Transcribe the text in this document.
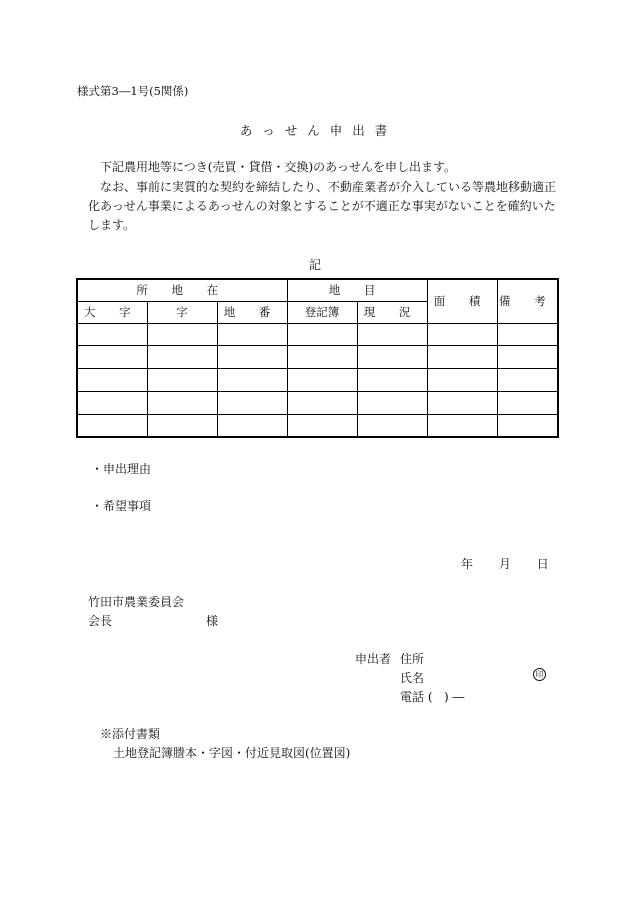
様式第3―1号(5関係)
あ っ せ ん 申 出 書
下記農用地等につき(売買・貸借・交換)のあっせんを申し出ます。
なお、事前に実質的な契約を締結したり、不動産業者が介入している等農地移動適正化あっせん事業によるあっせんの対象とすることが不適正な事実がないことを確約いたします。
記
所 地 在			地 目		面 積	備 考
大 字	字	地 番	登記簿	現 況		

・申出理由
・希望事項
年 月 日
竹田市農業委員会
会長	様
申出者 住所
氏名	印
電話 (   ) ―
※添付書類
土地登記簿謄本・字図・付近見取図(位置図)
